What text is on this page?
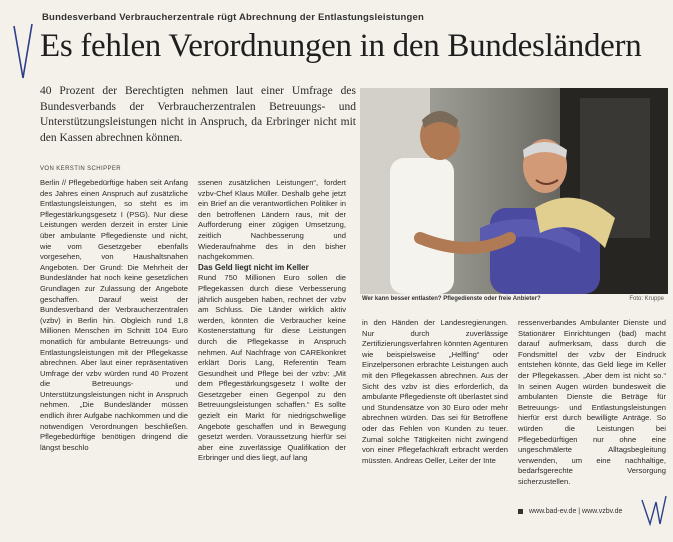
Bundesverband Verbraucherzentrale rügt Abrechnung der Entlastungsleistungen
Es fehlen Verordnungen in den Bundesländern
40 Prozent der Berechtigten nehmen laut einer Umfrage des Bundesverbands der Verbraucherzentralen Betreuungs- und Unterstützungsleistungen nicht in Anspruch, da Erbringer nicht mit den Kassen abrechnen können.
VON KERSTIN SCHIPPER

Berlin // Pflegebedürftige haben seit Anfang des Jahres einen Anspruch auf zusätzliche Entlastungsleistungen, so steht es im Pflegestärkungsgesetz I (PSG). Nur diese Leistungen werden derzeit in erster Linie über ambulante Pflegedienste und nicht, wie vom Gesetzgeber ebenfalls vorgesehen, von Haushaltsnahen Angeboten. Der Grund: Die Mehrheit der Bundesländer hat noch keine gesetzlichen Grundlagen zur Zulassung der Angebote geschaffen. Darauf weist der Bundesverband der Verbraucherzentralen (vzbv) in Berlin hin. Obgleich rund 1,8 Millionen Menschen im Schnitt 104 Euro monatlich für ambulante Betreuungs- und Entlastungsleistungen mit der Pflegekasse abrechnen. Aber laut einer repräsentativen Umfrage der vzbv würden rund 40 Prozent die Betreuungs- und Unterstützungsleistungen nicht in Anspruch nehmen. „Die Bundesländer müssen endlich ihrer Aufgabe nachkommen und die notwendigen Verordnungen beschließen. Pflegebedürftige benötigen dringend die längst beschlo

ssenen zusätzlichen Leistungen“, fordert vzbv-Chef Klaus Müller. Deshalb gehe jetzt ein Brief an die verantwortlichen Politiker in den betroffenen Ländern raus, mit der Aufforderung einer zügigen Umsetzung, zeitlich Nachbesserung und Wiederaufnahme des in den bisher nachgekommen.

Das Geld liegt nicht im Keller

Rund 750 Millionen Euro sollen die Pflegekassen durch diese Verbesserung jährlich ausgeben haben, rechnet der vzbv am Schluss. Die Länder wirklich aktiv werden, könnten die Verbraucher keine Kostenerstattung für diese Leistungen durch die Pflegekasse in Anspruch nehmen. Auf Nachfrage von CAREkonkret erklärt Doris Lang, Referentin Team Gesundheit und Pflege bei der vzbv: „Mit dem Pflegestärkungsgesetz I wollte der Gesetzgeber einen Gegenpol zu den Betreuungsleistungen schaffen.“ Es sollte gezielt ein Markt für niedrigschwellige Angebote geschaffen und in Bewegung gesetzt werden. Voraussetzung hierfür sei aber eine zuverlässige Qualifikation der Erbringer und dies liegt, auf lang

Wer kann besser entlasten? Pflegedienste oder freie Anbieter?	Foto: Kruppe

in den Händen der Landesregierungen. Nur durch zuverlässige Zertifizierungsverfahren könnten Agenturen wie beispielsweise „Helfling“ oder Einzelpersonen erbrachte Leistungen auch mit den Pflegekassen abrechnen. Aus der Sicht des vzbv ist dies erforderlich, da ambulante Pflegedienste oft überlastet sind und Stundensätze von 30 Euro oder mehr abrechnen würden. Das sei für Betroffene oder das Fehlen von Kunden zu teuer. Zumal solche Tätigkeiten nicht zwingend von einer Pflegefachkraft erbracht werden müssten. Andreas Oeller, Leiter der Inte

ressenverbandes Ambulanter Dienste und Stationärer Einrichtungen (bad) macht darauf aufmerksam, dass durch die Fondsmittel der vzbv der Eindruck entstehen könnte, das Geld liege im Keller der Pflegekassen. „Aber dem ist nicht so.“ In seinen Augen würden bundesweit die ambulanten Dienste die Beträge für Betreuungs- und Entlastungsleistungen hierfür erst durch bewilligte Anträge. So würden die Leistungen bei Pflegebedürftigen nur ohne eine ungeschmälerte Alltagsbegleitung verwenden, um eine nachhaltige, bedarfsgerechte Versorgung sicherzustellen.

www.bad-ev.de | www.vzbv.de
